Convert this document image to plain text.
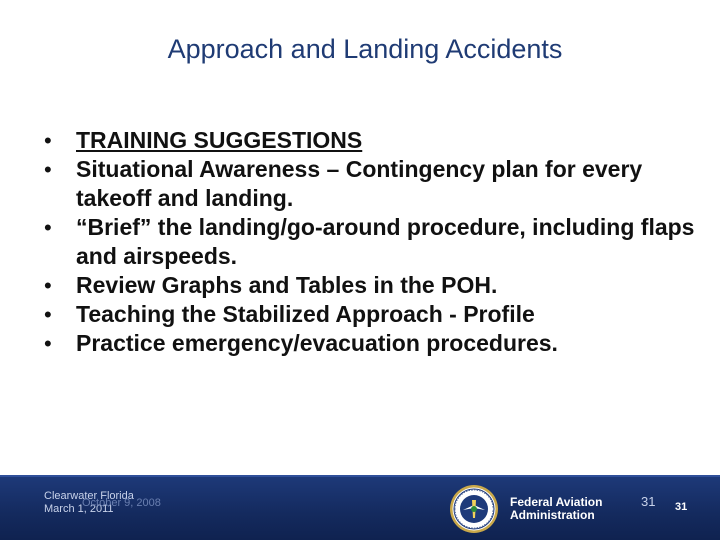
Approach and Landing Accidents
• TRAINING SUGGESTIONS
• Situational Awareness – Contingency plan for every takeoff and landing.
• “Brief” the landing/go-around procedure, including flaps and airspeeds.
• Review Graphs and Tables in the POH.
• Teaching the Stabilized Approach - Profile
• Practice emergency/evacuation procedures.
Clearwater Florida
March 1, 2011
October 9, 2008	Federal Aviation
Administration
31 31
